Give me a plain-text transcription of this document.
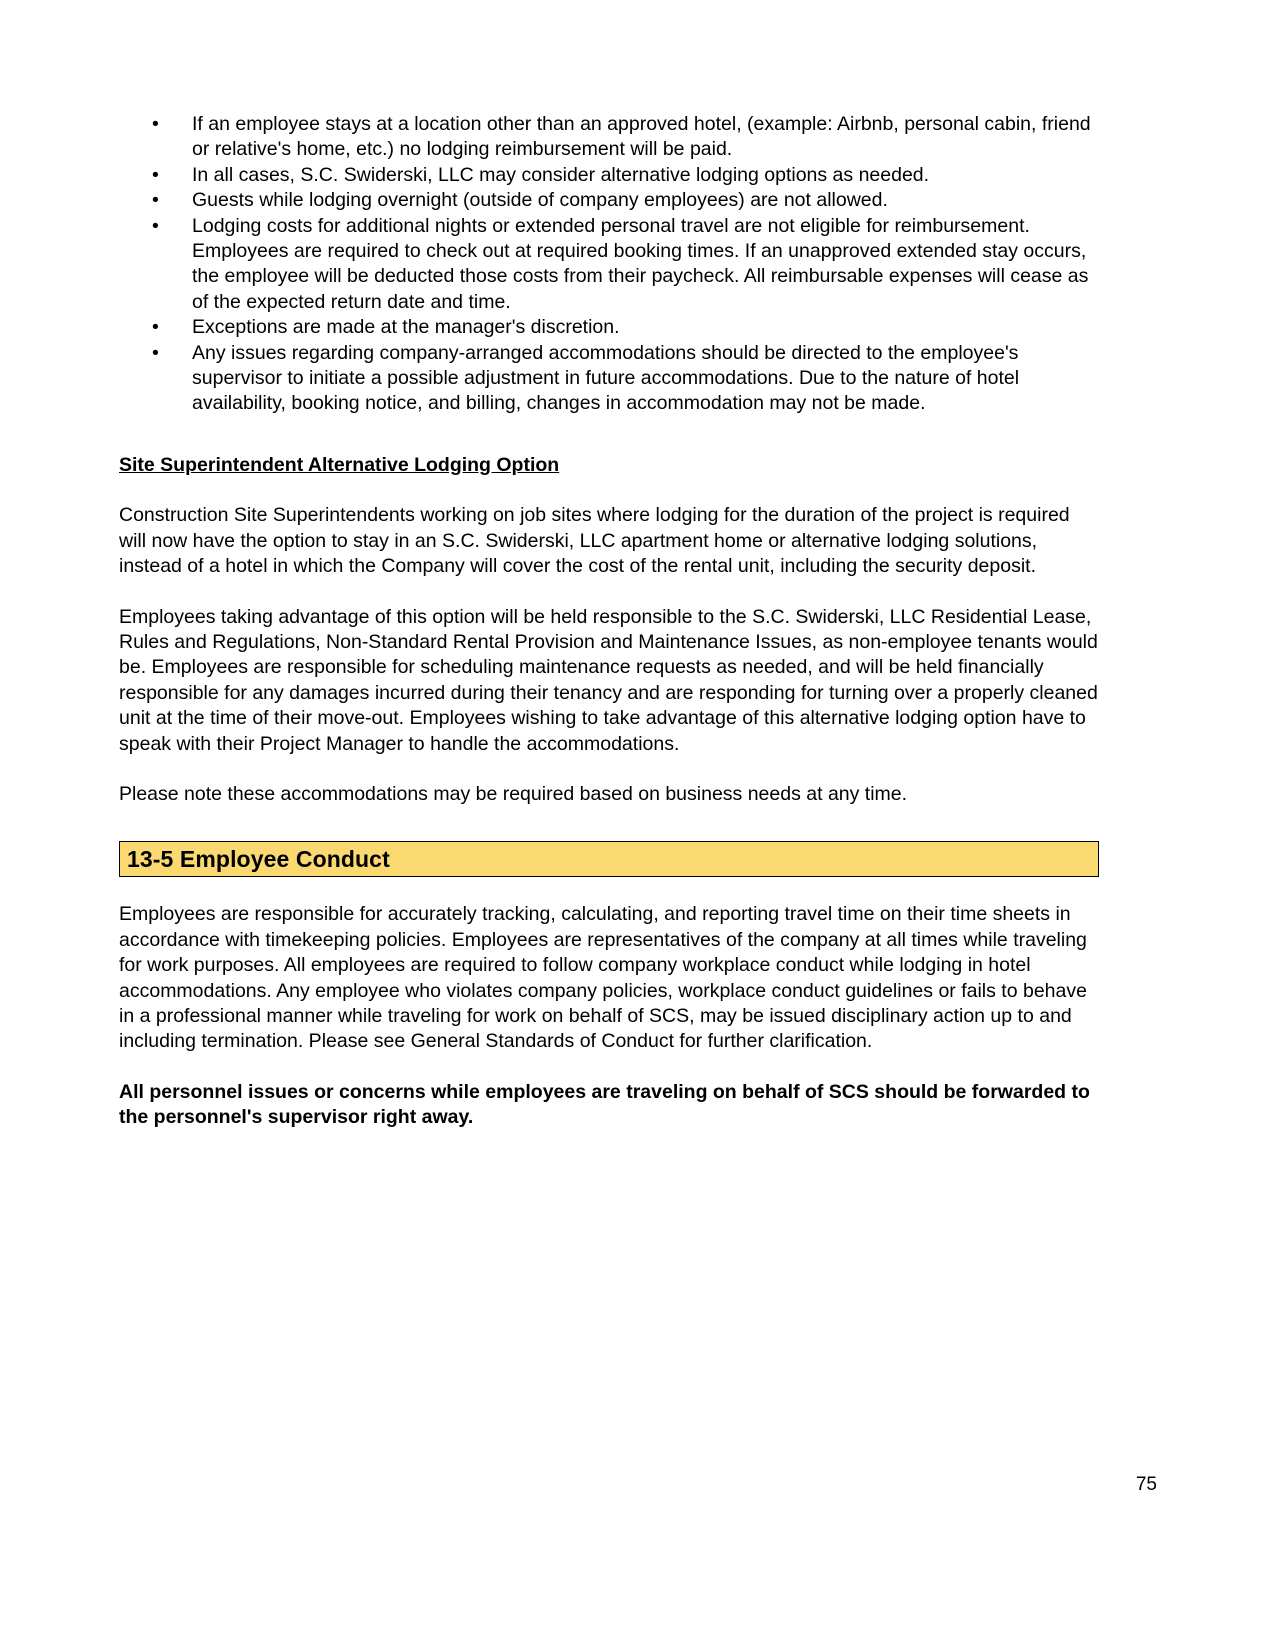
• If an employee stays at a location other than an approved hotel, (example: Airbnb, personal cabin, friend or relative's home, etc.) no lodging reimbursement will be paid.
• In all cases, S.C. Swiderski, LLC may consider alternative lodging options as needed.
• Guests while lodging overnight (outside of company employees) are not allowed.
• Lodging costs for additional nights or extended personal travel are not eligible for reimbursement. Employees are required to check out at required booking times. If an unapproved extended stay occurs, the employee will be deducted those costs from their paycheck. All reimbursable expenses will cease as of the expected return date and time.
• Exceptions are made at the manager's discretion.
• Any issues regarding company-arranged accommodations should be directed to the employee's supervisor to initiate a possible adjustment in future accommodations. Due to the nature of hotel availability, booking notice, and billing, changes in accommodation may not be made.
Site Superintendent Alternative Lodging Option

Construction Site Superintendents working on job sites where lodging for the duration of the project is required will now have the option to stay in an S.C. Swiderski, LLC apartment home or alternative lodging solutions, instead of a hotel in which the Company will cover the cost of the rental unit, including the security deposit.

Employees taking advantage of this option will be held responsible to the S.C. Swiderski, LLC Residential Lease, Rules and Regulations, Non-Standard Rental Provision and Maintenance Issues, as non-employee tenants would be. Employees are responsible for scheduling maintenance requests as needed, and will be held financially responsible for any damages incurred during their tenancy and are responding for turning over a properly cleaned unit at the time of their move-out. Employees wishing to take advantage of this alternative lodging option have to speak with their Project Manager to handle the accommodations.

Please note these accommodations may be required based on business needs at any time.

13-5 Employee Conduct

Employees are responsible for accurately tracking, calculating, and reporting travel time on their time sheets in accordance with timekeeping policies. Employees are representatives of the company at all times while traveling for work purposes. All employees are required to follow company workplace conduct while lodging in hotel accommodations. Any employee who violates company policies, workplace conduct guidelines or fails to behave in a professional manner while traveling for work on behalf of SCS, may be issued disciplinary action up to and including termination. Please see General Standards of Conduct for further clarification.

All personnel issues or concerns while employees are traveling on behalf of SCS should be forwarded to the personnel's supervisor right away.

75
